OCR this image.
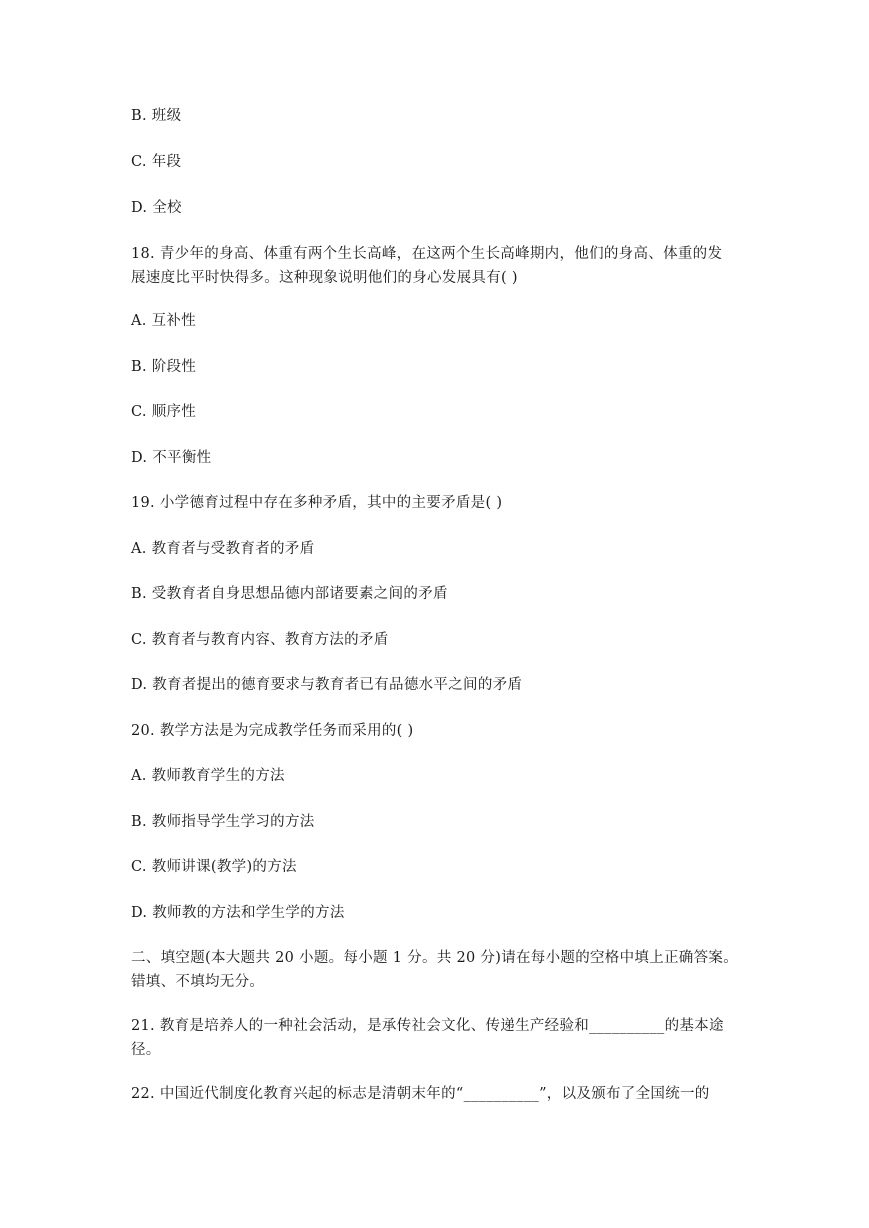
B. 班级
C. 年段
D. 全校
18. 青少年的身高、体重有两个生长高峰，在这两个生长高峰期内，他们的身高、体重的发
展速度比平时快得多。这种现象说明他们的身心发展具有( )
A. 互补性
B. 阶段性
C. 顺序性
D. 不平衡性
19. 小学德育过程中存在多种矛盾，其中的主要矛盾是( )
A. 教育者与受教育者的矛盾
B. 受教育者自身思想品德内部诸要素之间的矛盾
C. 教育者与教育内容、教育方法的矛盾
D. 教育者提出的德育要求与教育者已有品德水平之间的矛盾
20. 教学方法是为完成教学任务而采用的( )
A. 教师教育学生的方法
B. 教师指导学生学习的方法
C. 教师讲课(教学)的方法
D. 教师教的方法和学生学的方法
二、填空题(本大题共 20 小题。每小题 1 分。共 20 分)请在每小题的空格中填上正确答案。
错填、不填均无分。
21. 教育是培养人的一种社会活动，是承传社会文化、传递生产经验和__________的基本途
径。
22. 中国近代制度化教育兴起的标志是清朝末年的“__________”，以及颁布了全国统一的
